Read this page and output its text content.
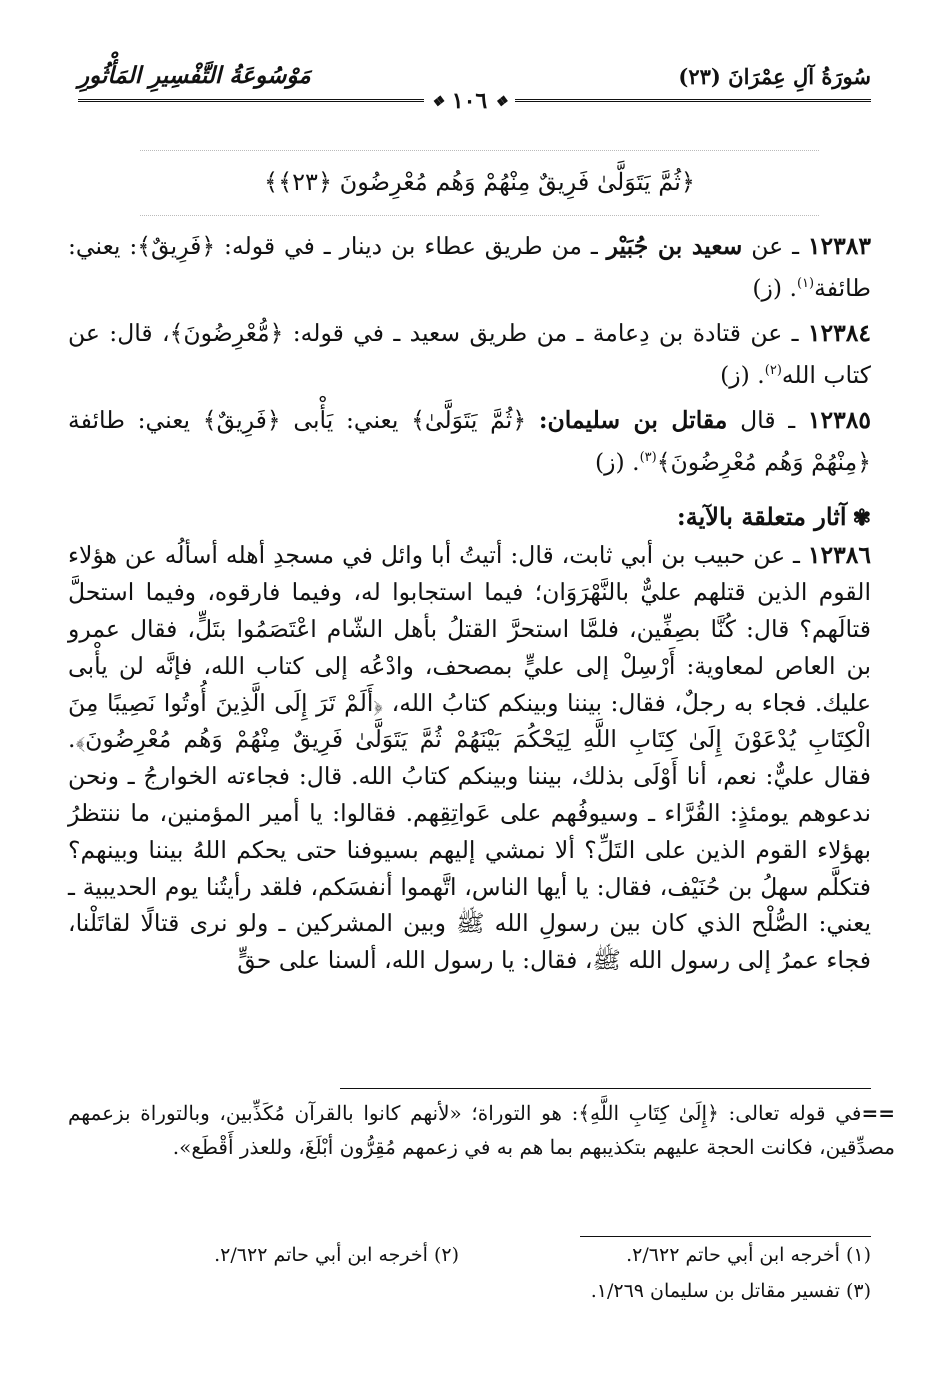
سُورَةُ آلِ عِمْرَانَ (٢٣)
مَوْسُوعَةُ التَّفْسِيرِ المَأْثُورِ
❖ ١٠٦ ❖
﴿ثُمَّ يَتَوَلَّىٰ فَرِيقٌ مِنْهُمْ وَهُم مُعْرِضُونَ ﴿٢٣﴾﴾

١٢٣٨٣ ـ عن سعيد بن جُبَيْر ـ من طريق عطاء بن دينار ـ في قوله: ﴿فَرِيقٌ﴾: يعني: طائفة$^{(١)}$. (ز)

١٢٣٨٤ ـ عن قتادة بن دِعامة ـ من طريق سعيد ـ في قوله: ﴿مُّعْرِضُونَ﴾، قال: عن كتاب الله$^{(٢)}$. (ز)

١٢٣٨٥ ـ قال مقاتل بن سليمان: ﴿ثُمَّ يَتَوَلَّىٰ﴾ يعني: يَأْبى ﴿فَرِيقٌ﴾ يعني: طائفة ﴿مِنْهُمْ وَهُم مُعْرِضُونَ﴾$^{(٣)}$. (ز)

✾آثار متعلقة بالآية:

١٢٣٨٦ ـ عن حبيب بن أبي ثابت، قال: أتيتُ أبا وائل في مسجدِ أهله أسألُه عن هؤلاء القوم الذين قتلهم عليٌّ بالنَّهْرَوَان؛ فيما استجابوا له، وفيما فارقوه، وفيما استحلَّ قتالَهم؟ قال: كُنَّا بصِفِّين، فلمَّا استحرَّ القتلُ بأهل الشّام اعْتَصَمُوا بتَلٍّ، فقال عمرو بن العاص لمعاوية: أَرْسِلْ إلى عليٍّ بمصحف، وادْعُه إلى كتاب الله، فإنَّه لن يأْبى عليك. فجاء به رجلٌ، فقال: بيننا وبينكم كتابُ الله، ﴿أَلَمْ تَرَ إِلَى الَّذِينَ أُوتُوا نَصِيبًا مِنَ الْكِتَابِ يُدْعَوْنَ إِلَىٰ كِتَابِ اللَّهِ لِيَحْكُمَ بَيْنَهُمْ ثُمَّ يَتَوَلَّىٰ فَرِيقٌ مِنْهُمْ وَهُم مُعْرِضُونَ﴾. فقال عليٌّ: نعم، أنا أَوْلَى بذلك، بيننا وبينكم كتابُ الله. قال: فجاءته الخوارجُ ـ ونحن ندعوهم يومئذٍ: القُرَّاء ـ وسيوفُهم على عَواتِقِهم. فقالوا: يا أمير المؤمنين، ما ننتظرُ بهؤلاء القوم الذين على التَلِّ؟ ألا نمشي إليهم بسيوفنا حتى يحكم اللهُ بيننا وبينهم؟ فتكلَّم سهلُ بن حُنَيْف، فقال: يا أيها الناس، اتَّهموا أنفسَكم، فلقد رأيتُنا يوم الحديبية ـ يعني: الصُّلْح الذي كان بين رسولِ الله ﷺ وبين المشركين ـ ولو نرى قتالًا لقاتَلْنا، فجاء عمرُ إلى رسول الله ﷺ، فقال: يا رسول الله، ألسنا على حقٍّ

==في قوله تعالى: ﴿إِلَىٰ كِتَابِ اللَّهِ﴾: هو التوراة؛ «لأنهم كانوا بالقرآن مُكَذِّبين، وبالتوراة بزعمهم مصدِّقين، فكانت الحجة عليهم بتكذيبهم بما هم به في زعمهم مُقِرُّون أبْلَغَ، وللعذر أَقْطَع».
(١) أخرجه ابن أبي حاتم ٢/٦٢٢.
(٢) أخرجه ابن أبي حاتم ٢/٦٢٢.
(٣) تفسير مقاتل بن سليمان ١/٢٦٩.
